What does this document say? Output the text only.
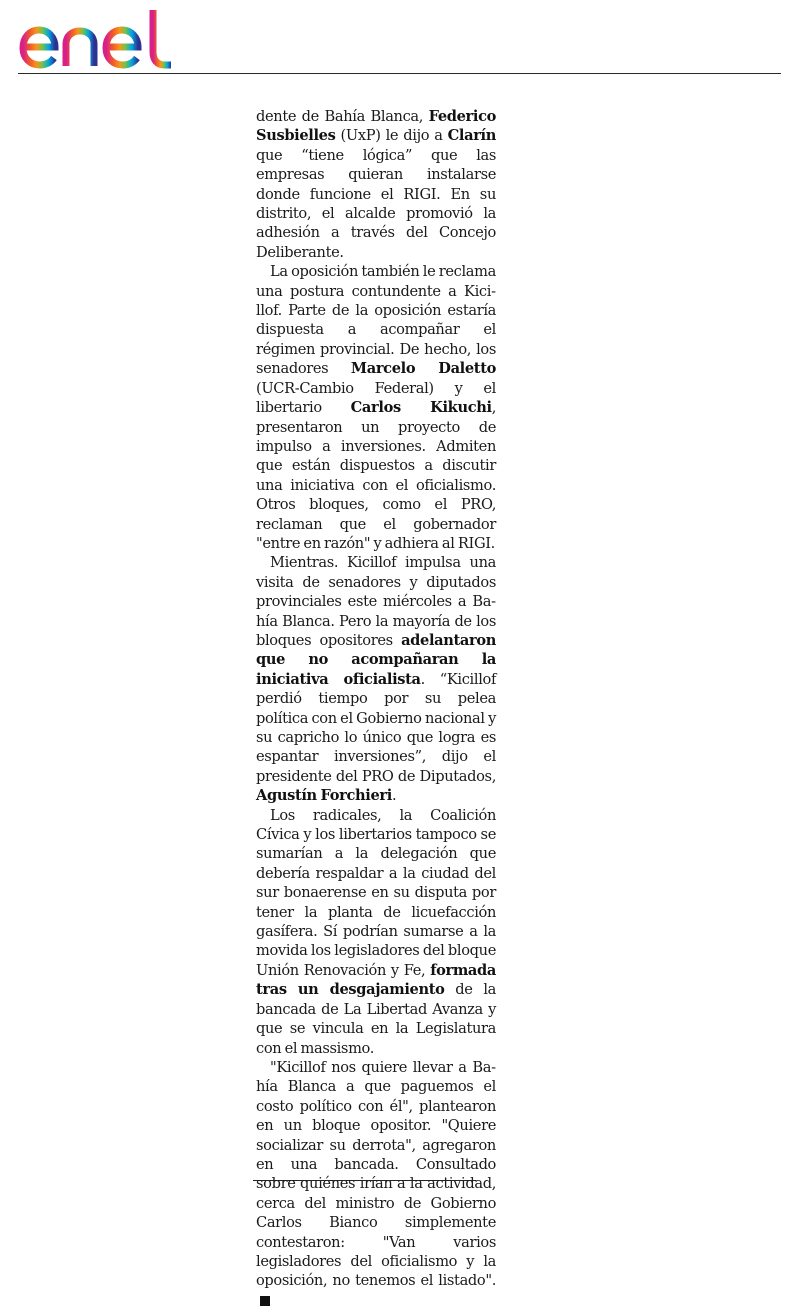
dente de Bahía Blanca, Federico Susbielles (UxP) le dijo a Clarín que “tiene lógica” que las empresas quieran instalarse donde funcione el RIGI. En su distrito, el alcalde promovió la adhesión a través del Concejo Deliberante.

La oposición también le reclama una postura contundente a Kicillof. Parte de la oposición estaría dispuesta a acompañar el régimen provincial. De hecho, los senadores Marcelo Daletto (UCR-Cambio Federal) y el libertario Carlos Kikuchi, presentaron un proyecto de impulso a inversiones. Admiten que están dispuestos a discutir una iniciativa con el oficialismo. Otros bloques, como el PRO, reclaman que el gobernador "entre en razón" y adhiera al RIGI.

Mientras. Kicillof impulsa una visita de senadores y diputados provinciales este miércoles a Bahía Blanca. Pero la mayoría de los bloques opositores adelantaron que no acompañaran la iniciativa oficialista. “Kicillof perdió tiempo por su pelea política con el Gobierno nacional y su capricho lo único que logra es espantar inversiones”, dijo el presidente del PRO de Diputados, Agustín Forchieri.

Los radicales, la Coalición Cívica y los libertarios tampoco se sumarían a la delegación que debería respaldar a la ciudad del sur bonaerense en su disputa por tener la planta de licuefacción gasífera. Sí podrían sumarse a la movida los legisladores del bloque Unión Renovación y Fe, formada tras un desgajamiento de la bancada de La Libertad Avanza y que se vincula en la Legislatura con el massismo.

"Kicillof nos quiere llevar a Bahía Blanca a que paguemos el costo político con él", plantearon en un bloque opositor. "Quiere socializar su derrota", agregaron en una bancada. Consultado sobre quiénes irían a la actividad, cerca del ministro de Gobierno Carlos Bianco simplemente contestaron: "Van varios legisladores del oficialismo y la oposición, no tenemos el listado".
